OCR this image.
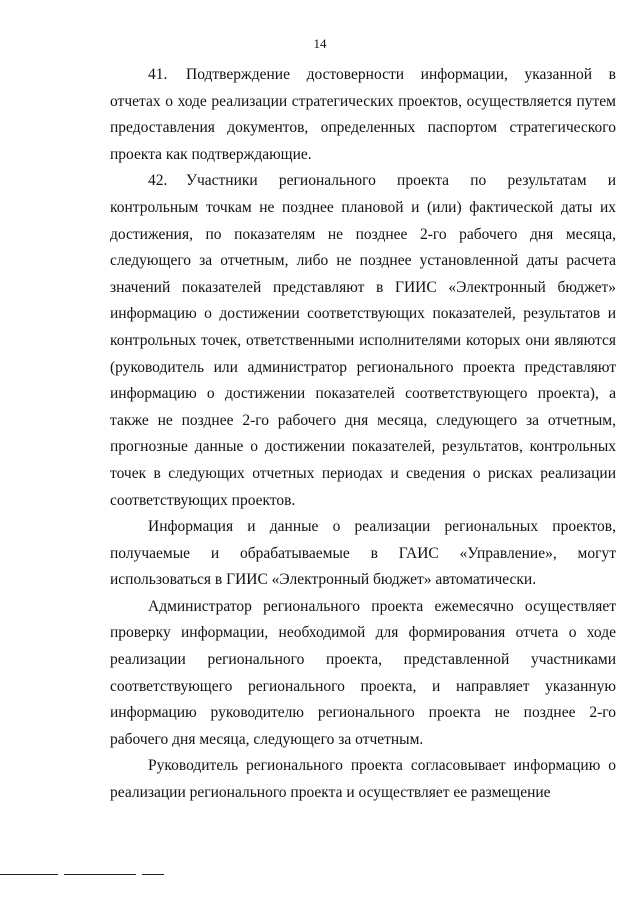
14

41. Подтверждение достоверности информации, указанной в отчетах о ходе реализации стратегических проектов, осуществляется путем предоставления документов, определенных паспортом стратегического проекта как подтверждающие.

42. Участники регионального проекта по результатам и контрольным точкам не позднее плановой и (или) фактической даты их достижения, по показателям не позднее 2-го рабочего дня месяца, следующего за отчетным, либо не позднее установленной даты расчета значений показателей представляют в ГИИС «Электронный бюджет» информацию о достижении соответствующих показателей, результатов и контрольных точек, ответственными исполнителями которых они являются (руководитель или администратор регионального проекта представляют информацию о достижении показателей соответствующего проекта), а также не позднее 2-го рабочего дня месяца, следующего за отчетным, прогнозные данные о достижении показателей, результатов, контрольных точек в следующих отчетных периодах и сведения о рисках реализации соответствующих проектов.

Информация и данные о реализации региональных проектов, получаемые и обрабатываемые в ГАИС «Управление», могут использоваться в ГИИС «Электронный бюджет» автоматически.

Администратор регионального проекта ежемесячно осуществляет проверку информации, необходимой для формирования отчета о ходе реализации регионального проекта, представленной участниками соответствующего регионального проекта, и направляет указанную информацию руководителю регионального проекта не позднее 2-го рабочего дня месяца, следующего за отчетным.

Руководитель регионального проекта согласовывает информацию о реализации регионального проекта и осуществляет ее размещение
